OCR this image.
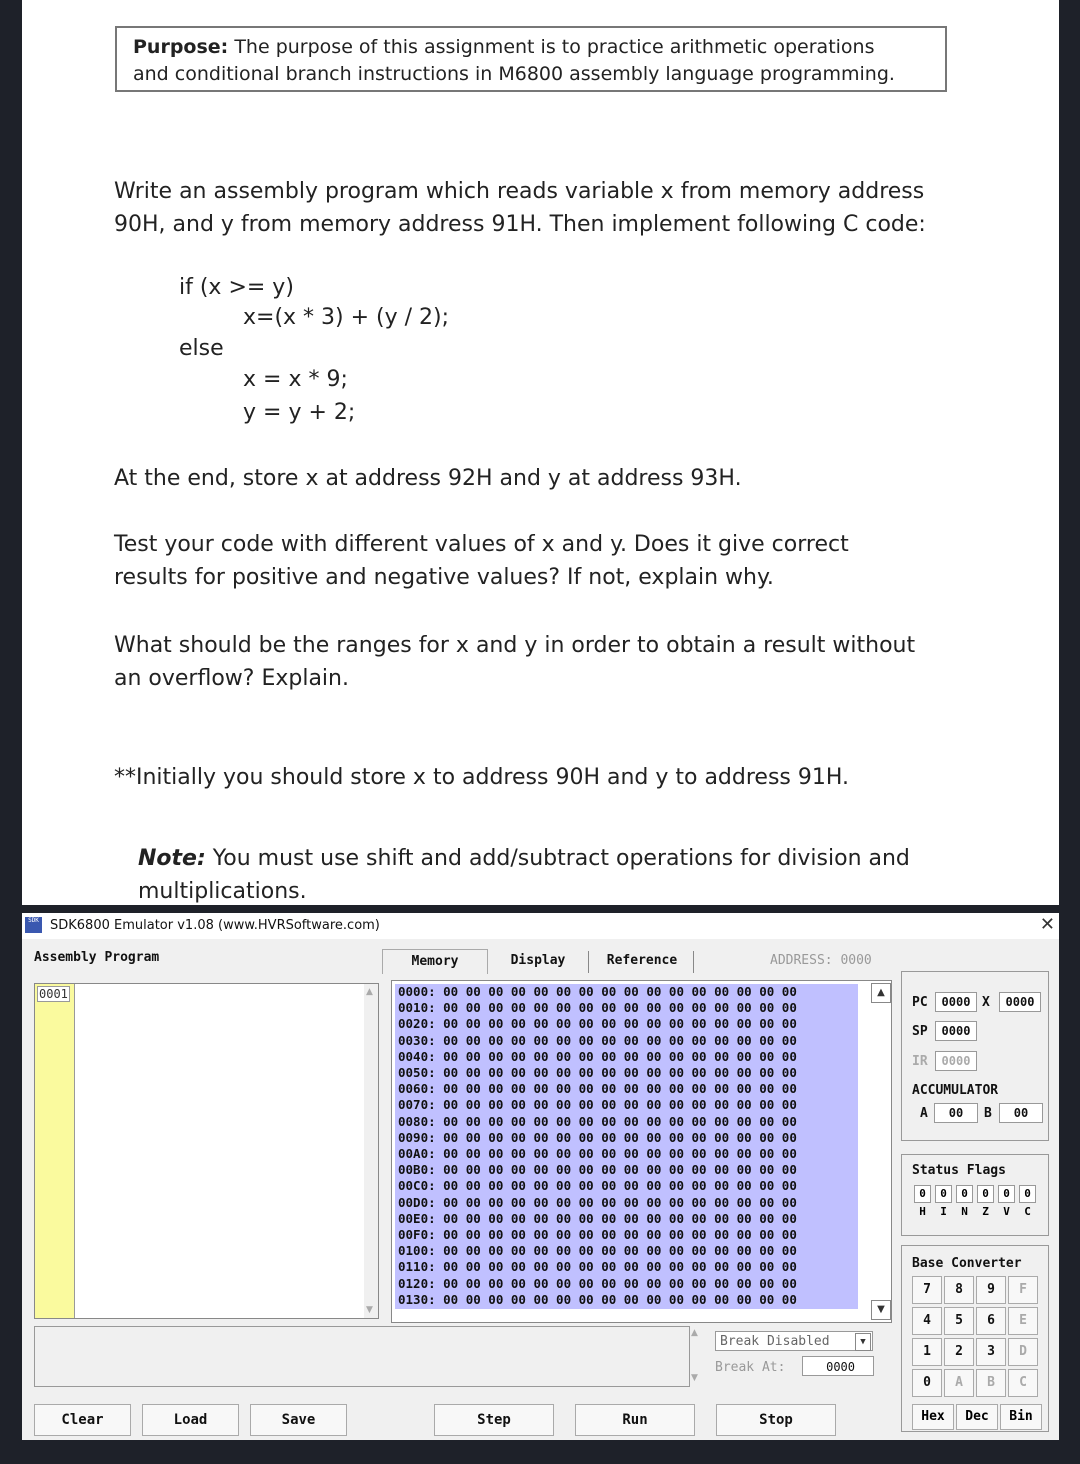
Purpose: The purpose of this assignment is to practice arithmetic operations
and conditional branch instructions in M6800 assembly language programming.

Write an assembly program which reads variable x from memory address

90H, and y from memory address 91H. Then implement following C code:

if (x >= y)
x=(x * 3) + (y / 2);
else
x = x * 9;
y = y + 2;

At the end, store x at address 92H and y at address 93H.

Test your code with different values of x and y. Does it give correct

results for positive and negative values? If not, explain why.

What should be the ranges for x and y in order to obtain a result without

an overflow? Explain.

**Initially you should store x to address 90H and y to address 91H.

Note: You must use shift and add/subtract operations for division and

multiplications.

SDK SDK6800 Emulator v1.08 (www.HVRSoftware.com)	✕
Assembly Program
0001	▲
▼
Memory	Display	Reference	ADDRESS: 0000
0000: 00 00 00 00 00 00 00 00 00 00 00 00 00 00 00 00
0010: 00 00 00 00 00 00 00 00 00 00 00 00 00 00 00 00
0020: 00 00 00 00 00 00 00 00 00 00 00 00 00 00 00 00
0030: 00 00 00 00 00 00 00 00 00 00 00 00 00 00 00 00
0040: 00 00 00 00 00 00 00 00 00 00 00 00 00 00 00 00
0050: 00 00 00 00 00 00 00 00 00 00 00 00 00 00 00 00
0060: 00 00 00 00 00 00 00 00 00 00 00 00 00 00 00 00
0070: 00 00 00 00 00 00 00 00 00 00 00 00 00 00 00 00
0080: 00 00 00 00 00 00 00 00 00 00 00 00 00 00 00 00
0090: 00 00 00 00 00 00 00 00 00 00 00 00 00 00 00 00
00A0: 00 00 00 00 00 00 00 00 00 00 00 00 00 00 00 00
00B0: 00 00 00 00 00 00 00 00 00 00 00 00 00 00 00 00
00C0: 00 00 00 00 00 00 00 00 00 00 00 00 00 00 00 00
00D0: 00 00 00 00 00 00 00 00 00 00 00 00 00 00 00 00
00E0: 00 00 00 00 00 00 00 00 00 00 00 00 00 00 00 00
00F0: 00 00 00 00 00 00 00 00 00 00 00 00 00 00 00 00
0100: 00 00 00 00 00 00 00 00 00 00 00 00 00 00 00 00
0110: 00 00 00 00 00 00 00 00 00 00 00 00 00 00 00 00
0120: 00 00 00 00 00 00 00 00 00 00 00 00 00 00 00 00
0130: 00 00 00 00 00 00 00 00 00 00 00 00 00 00 00 00
▲
▼
PC	0000 X	0000
SP	0000
IR	0000
ACCUMULATOR
A	00	B	00
Status Flags
0
H
0
I
0
N
0
Z
0
V
0
C
Base Converter
7	8	9	F
4	5	6	E
1	2	3	D
0	A	B	C
Hex	Dec	Bin
▲
▼
Break Disabled	▼
Break At:	0000
Clear	Load	Save	Step	Run	Stop
